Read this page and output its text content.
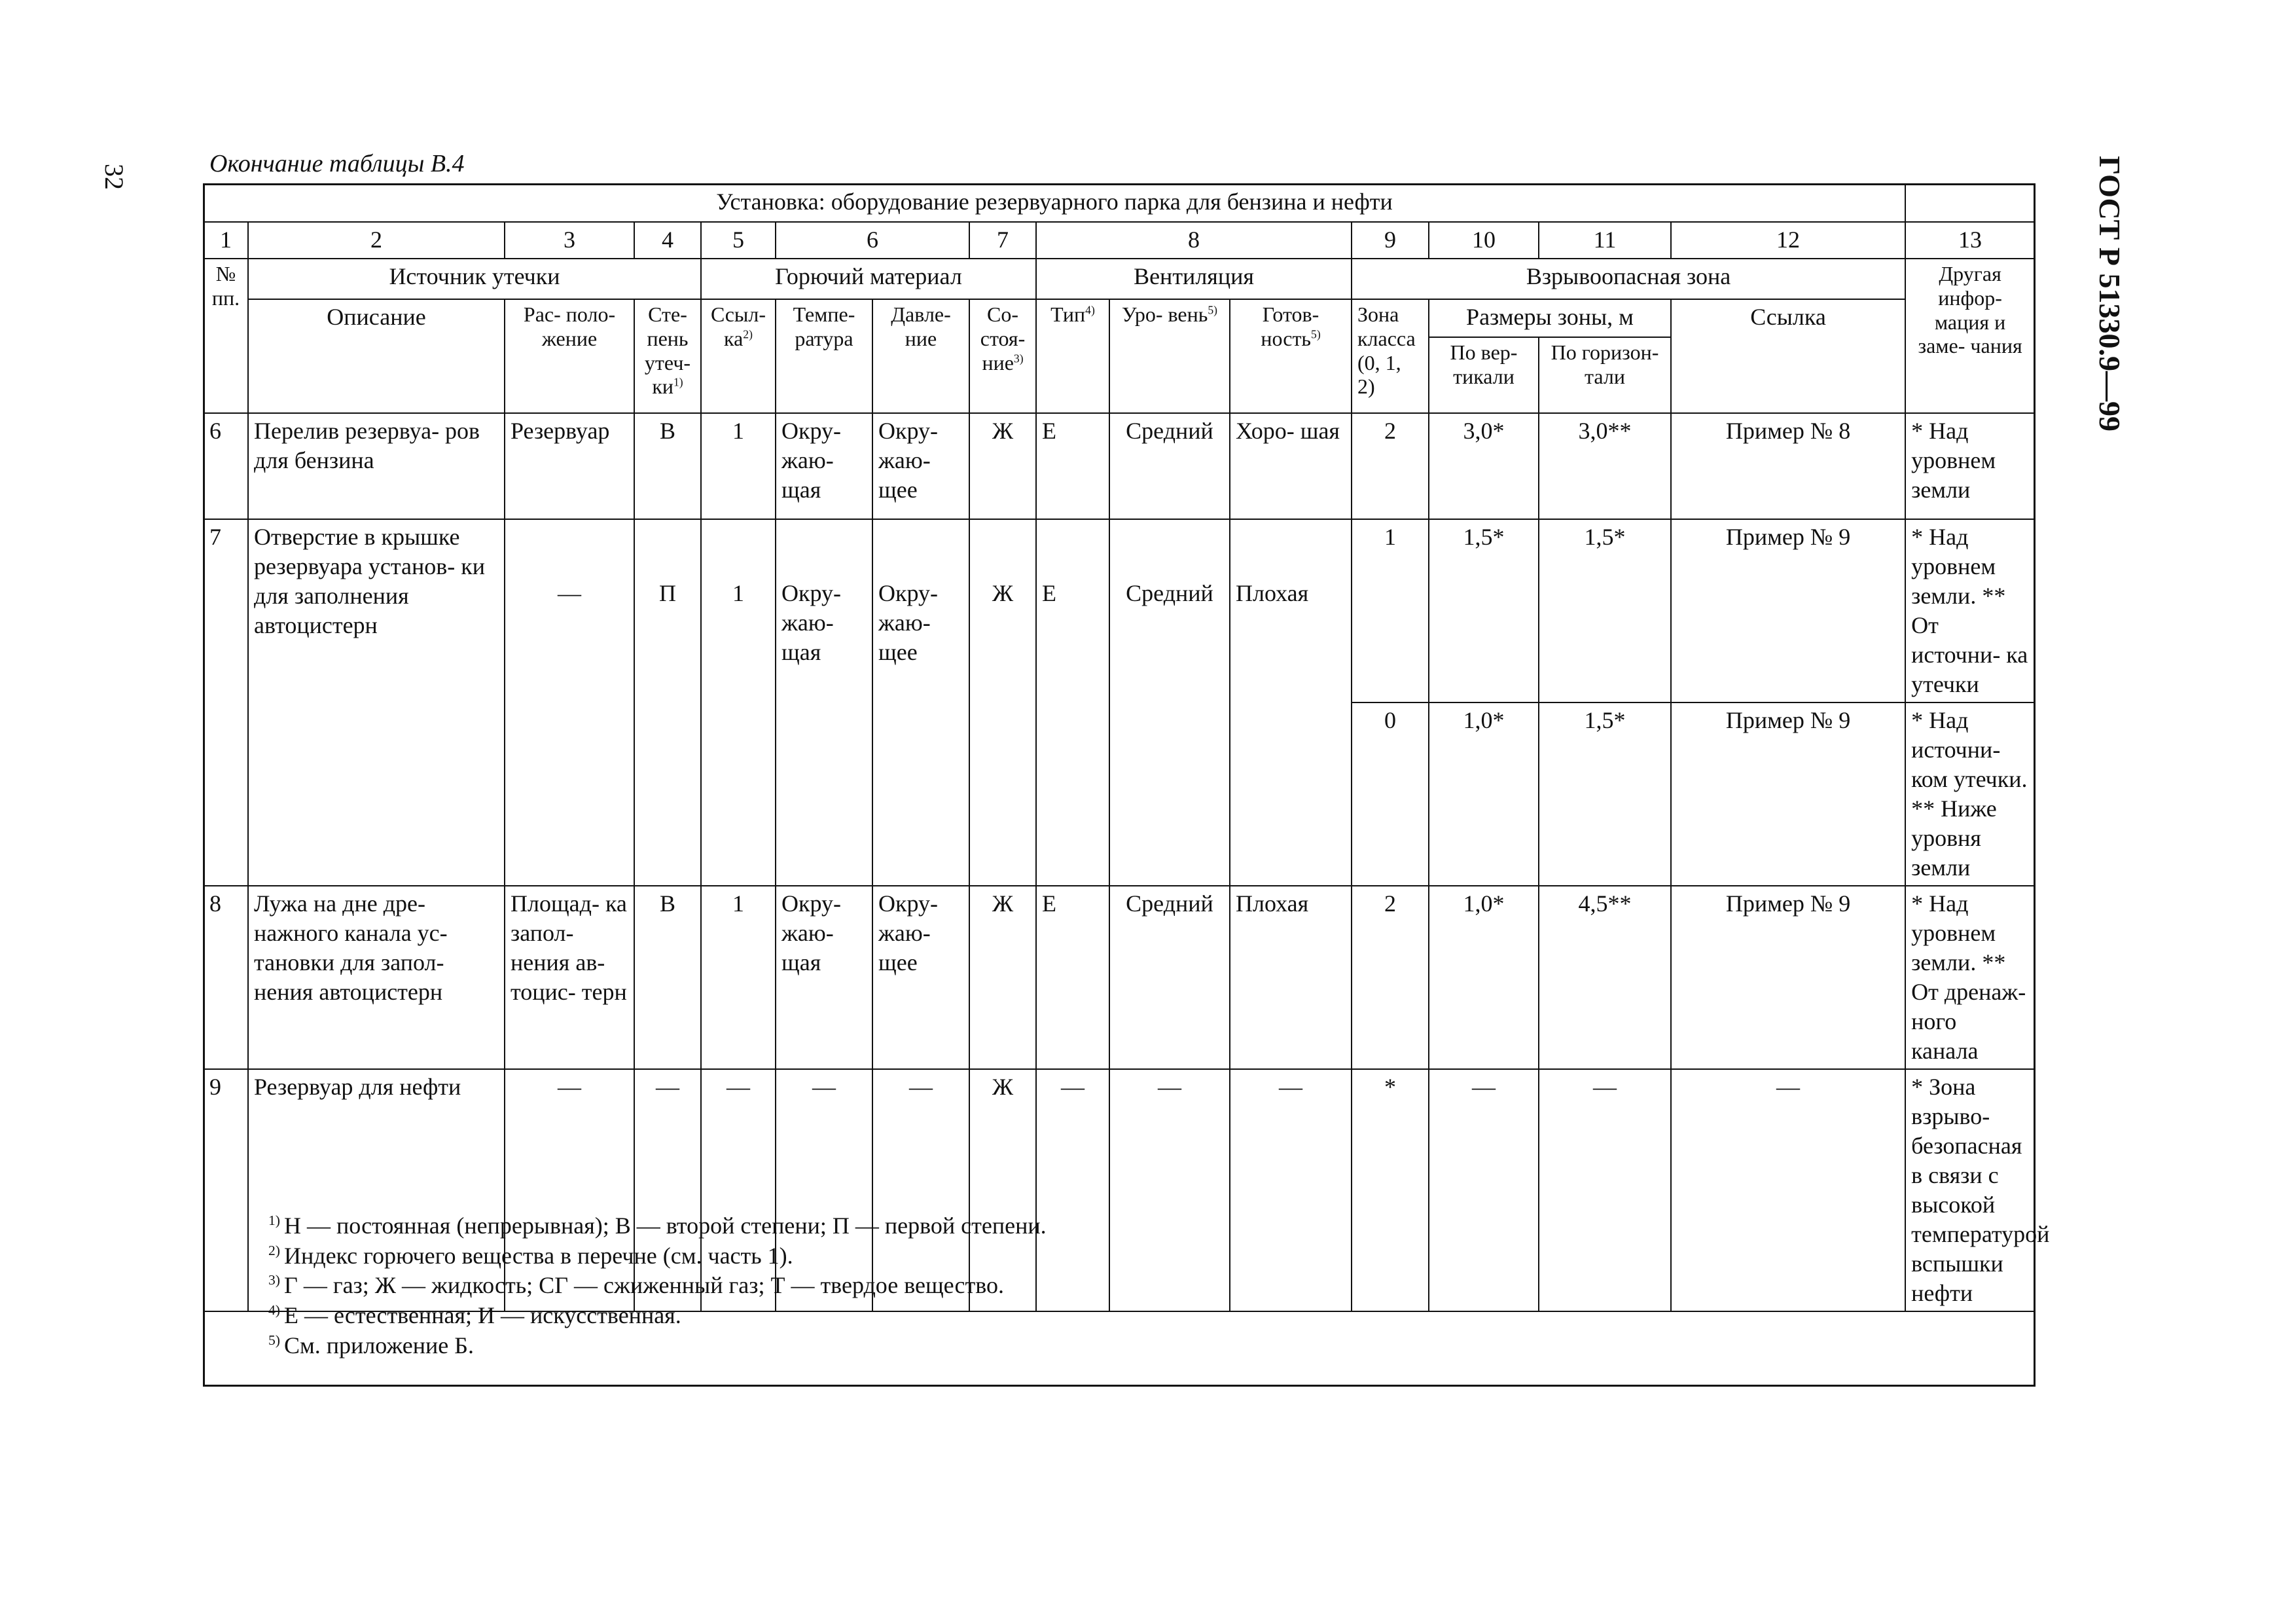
32	ГОСТ Р 51330.9—99
Окончание таблицы В.4
Установка: оборудование резервуарного парка для бензина и нефти															
1	2	3	4	5	6		7	8			9	10	11	12	13
№ пп.	Источник утечки			Горючий материал				Вентиляция			Взрывоопасная зона				Другая инфор- мация и заме- чания
	Описание	Рас- поло- жение	Сте- пень утеч- $ки^{1)}$	Ссыл- $ка^{2)}$	Темпе- ратура	Давле- ние	Со- стоя- ние$^{3)}$	Тип$^{4)}$	Уро- вень$^{5)}$	Готов- ность$^{5)}$	Зона класса (0, 1, 2)	Размеры зоны, м		Ссылка	
												По вер- тикали	По горизон- тали		
6	Перелив резервуа- ров для бензина	Резервуар	В	1	Окру- жаю- щая	Окру- жаю- щее	Ж	Е	Средний	Хоро- шая	2	3,0*	3,0**	Пример № 8	* Над уровнем земли
7	Отверстие в крышке резервуара установ- ки для заполнения автоцистерн	—	П	1	Окру- жаю- щая	Окру- жаю- щее	Ж	Е	Средний	Плохая	1	1,5*	1,5*	Пример № 9	* Над уровнем земли. ** От источни- ка утечки
											0	1,0*	1,5*	Пример № 9	* Над источни- ком утечки. ** Ниже уровня земли
8	Лужа на дне дре- нажного канала ус- тановки для запол- нения автоцистерн	Площад- ка запол- нения ав- тоцис- терн	В	1	Окру- жаю- щая	Окру- жаю- щее	Ж	Е	Средний	Плохая	2	1,0*	4,5**	Пример № 9	* Над уровнем земли. ** От дренаж- ного канала
9	Резервуар для нефти	—	—	—	—	—	Ж	—	—	—	*	—	—	—	* Зона взрыво- безопасная в связи с высокой температурой вспышки нефти
$^{1)}$ Н — постоянная (непрерывная); В — второй степени; П — первой степени.
$^{2)}$ Индекс горючего вещества в перечне (см. часть 1).
$^{3)}$ Г — газ; Ж — жидкость; СГ — сжиженный газ; Т — твердое вещество.
$^{4)}$ Е — естественная; И — искусственная.
$^{5)}$ См. приложение Б.
